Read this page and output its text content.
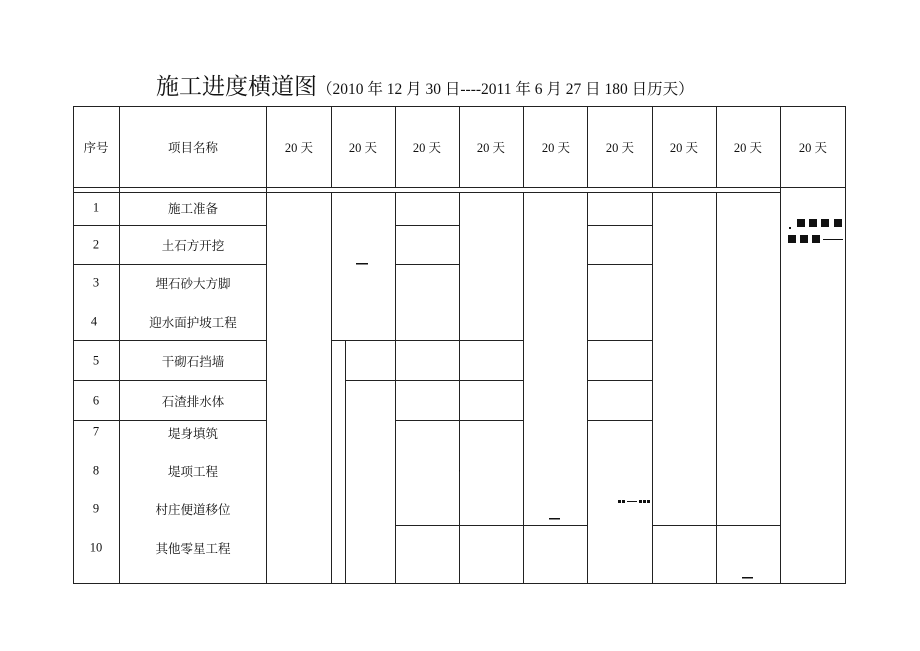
施工进度横道图（2010 年 12 月 30 日----2011 年 6 月 27 日 180 日历天）
序号	项目名称	20 天	20 天	20 天	20 天	20 天	20 天	20 天	20 天	20 天
1	施工准备
2	土石方开挖
3	埋石砂大方脚
4	迎水面护坡工程
5	干砌石挡墙
6	石渣排水体
7	堤身填筑
8	堤项工程
9	村庄便道移位
10	其他零星工程
